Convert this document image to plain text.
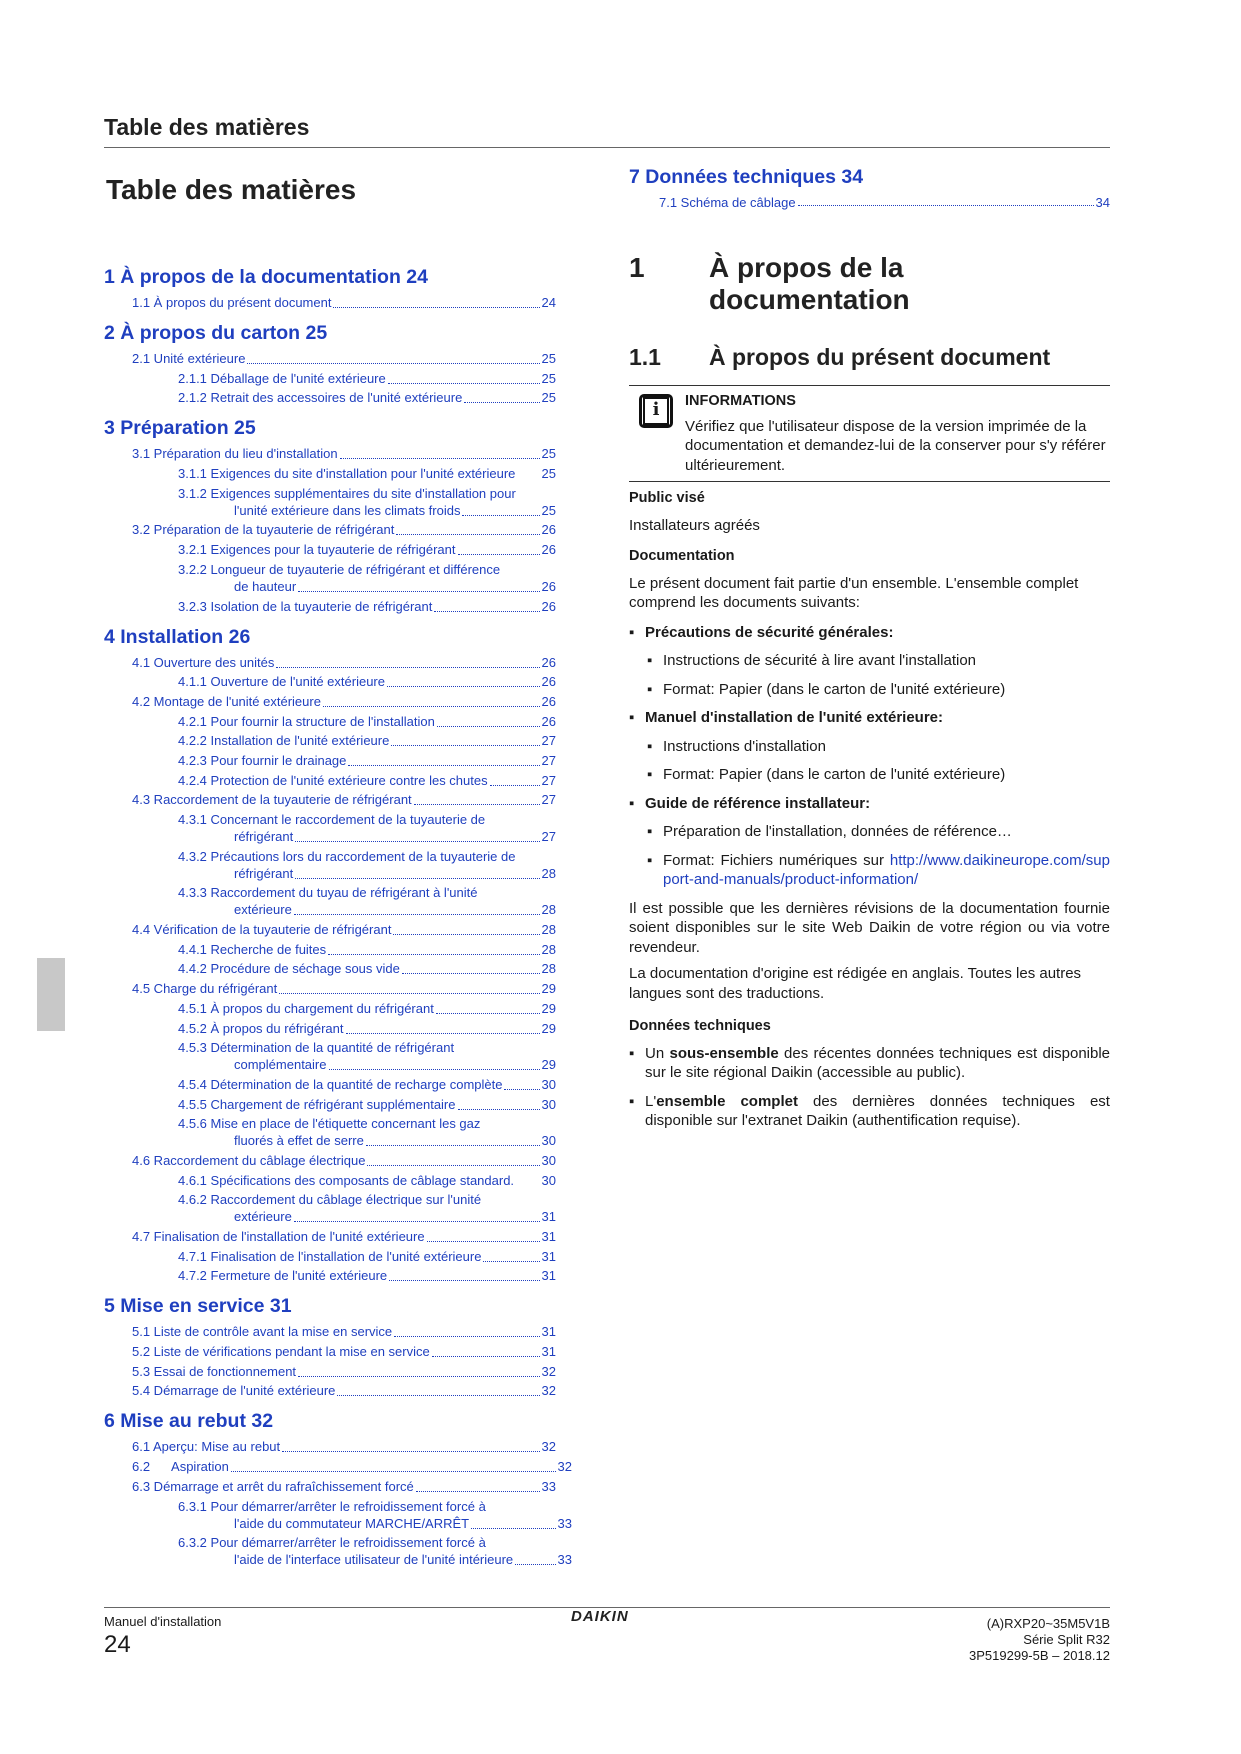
Table des matières
Table des matières
1 À propos de la documentation 24
1.1 À propos du présent document	24
2 À propos du carton 25
2.1 Unité extérieure	25
2.1.1 Déballage de l'unité extérieure	25
2.1.2 Retrait des accessoires de l'unité extérieure	25
3 Préparation 25
3.1 Préparation du lieu d'installation	25
3.1.1 Exigences du site d'installation pour l'unité extérieure 25
3.1.2 Exigences supplémentaires du site d'installation pour
l'unité extérieure dans les climats froids	25
3.2 Préparation de la tuyauterie de réfrigérant	26
3.2.1 Exigences pour la tuyauterie de réfrigérant	26
3.2.2 Longueur de tuyauterie de réfrigérant et différence
de hauteur	26
3.2.3 Isolation de la tuyauterie de réfrigérant	26
4 Installation 26
4.1 Ouverture des unités	26
4.1.1 Ouverture de l'unité extérieure	26
4.2 Montage de l'unité extérieure	26
4.2.1 Pour fournir la structure de l'installation	26
4.2.2 Installation de l'unité extérieure	27
4.2.3 Pour fournir le drainage	27
4.2.4 Protection de l'unité extérieure contre les chutes	27
4.3 Raccordement de la tuyauterie de réfrigérant	27
4.3.1 Concernant le raccordement de la tuyauterie de
réfrigérant	27
4.3.2 Précautions lors du raccordement de la tuyauterie de
réfrigérant	28
4.3.3 Raccordement du tuyau de réfrigérant à l'unité
extérieure	28
4.4 Vérification de la tuyauterie de réfrigérant	28
4.4.1 Recherche de fuites	28
4.4.2 Procédure de séchage sous vide	28
4.5 Charge du réfrigérant	29
4.5.1 À propos du chargement du réfrigérant	29
4.5.2 À propos du réfrigérant	29
4.5.3 Détermination de la quantité de réfrigérant
complémentaire	29
4.5.4 Détermination de la quantité de recharge complète	30
4.5.5 Chargement de réfrigérant supplémentaire	30
4.5.6 Mise en place de l'étiquette concernant les gaz
fluorés à effet de serre	30
4.6 Raccordement du câblage électrique	30
4.6.1 Spécifications des composants de câblage standard. 30
4.6.2 Raccordement du câblage électrique sur l'unité
extérieure	31
4.7 Finalisation de l'installation de l'unité extérieure	31
4.7.1 Finalisation de l'installation de l'unité extérieure	31
4.7.2 Fermeture de l'unité extérieure	31
5 Mise en service 31
5.1 Liste de contrôle avant la mise en service	31
5.2 Liste de vérifications pendant la mise en service	31
5.3 Essai de fonctionnement	32
5.4 Démarrage de l'unité extérieure	32
6 Mise au rebut 32
6.1 Aperçu: Mise au rebut	32
6.2      Aspiration	32
6.3 Démarrage et arrêt du rafraîchissement forcé	33
6.3.1 Pour démarrer/arrêter le refroidissement forcé à
l'aide du commutateur MARCHE/ARRÊT	33
6.3.2 Pour démarrer/arrêter le refroidissement forcé à
l'aide de l'interface utilisateur de l'unité intérieure	33
7 Données techniques 34
7.1 Schéma de câblage	34
1	À propos de la
documentation
1.1	À propos du présent document
i	INFORMATIONS
Vérifiez que l'utilisateur dispose de la version imprimée de la documentation et demandez-lui de la conserver pour s'y référer ultérieurement.
Public visé

Installateurs agréés

Documentation

Le présent document fait partie d'un ensemble. L'ensemble complet comprend les documents suivants:

▪ Précautions de sécurité générales:
▪ Instructions de sécurité à lire avant l'installation
▪ Format: Papier (dans le carton de l'unité extérieure)
▪ Manuel d'installation de l'unité extérieure:
▪ Instructions d'installation
▪ Format: Papier (dans le carton de l'unité extérieure)
▪ Guide de référence installateur:
▪ Préparation de l'installation, données de référence…
▪ Format: Fichiers numériques sur http://www.daikineurope.com/support-and-manuals/product-information/

Il est possible que les dernières révisions de la documentation fournie soient disponibles sur le site Web Daikin de votre région ou via votre revendeur.

La documentation d'origine est rédigée en anglais. Toutes les autres langues sont des traductions.

Données techniques
▪ Un sous-ensemble des récentes données techniques est disponible sur le site régional Daikin (accessible au public).
▪ L'ensemble complet des dernières données techniques est disponible sur l'extranet Daikin (authentification requise).
Manuel d'installation
24
DAIKIN	(A)RXP20~35M5V1B
Série Split R32
3P519299-5B – 2018.12
